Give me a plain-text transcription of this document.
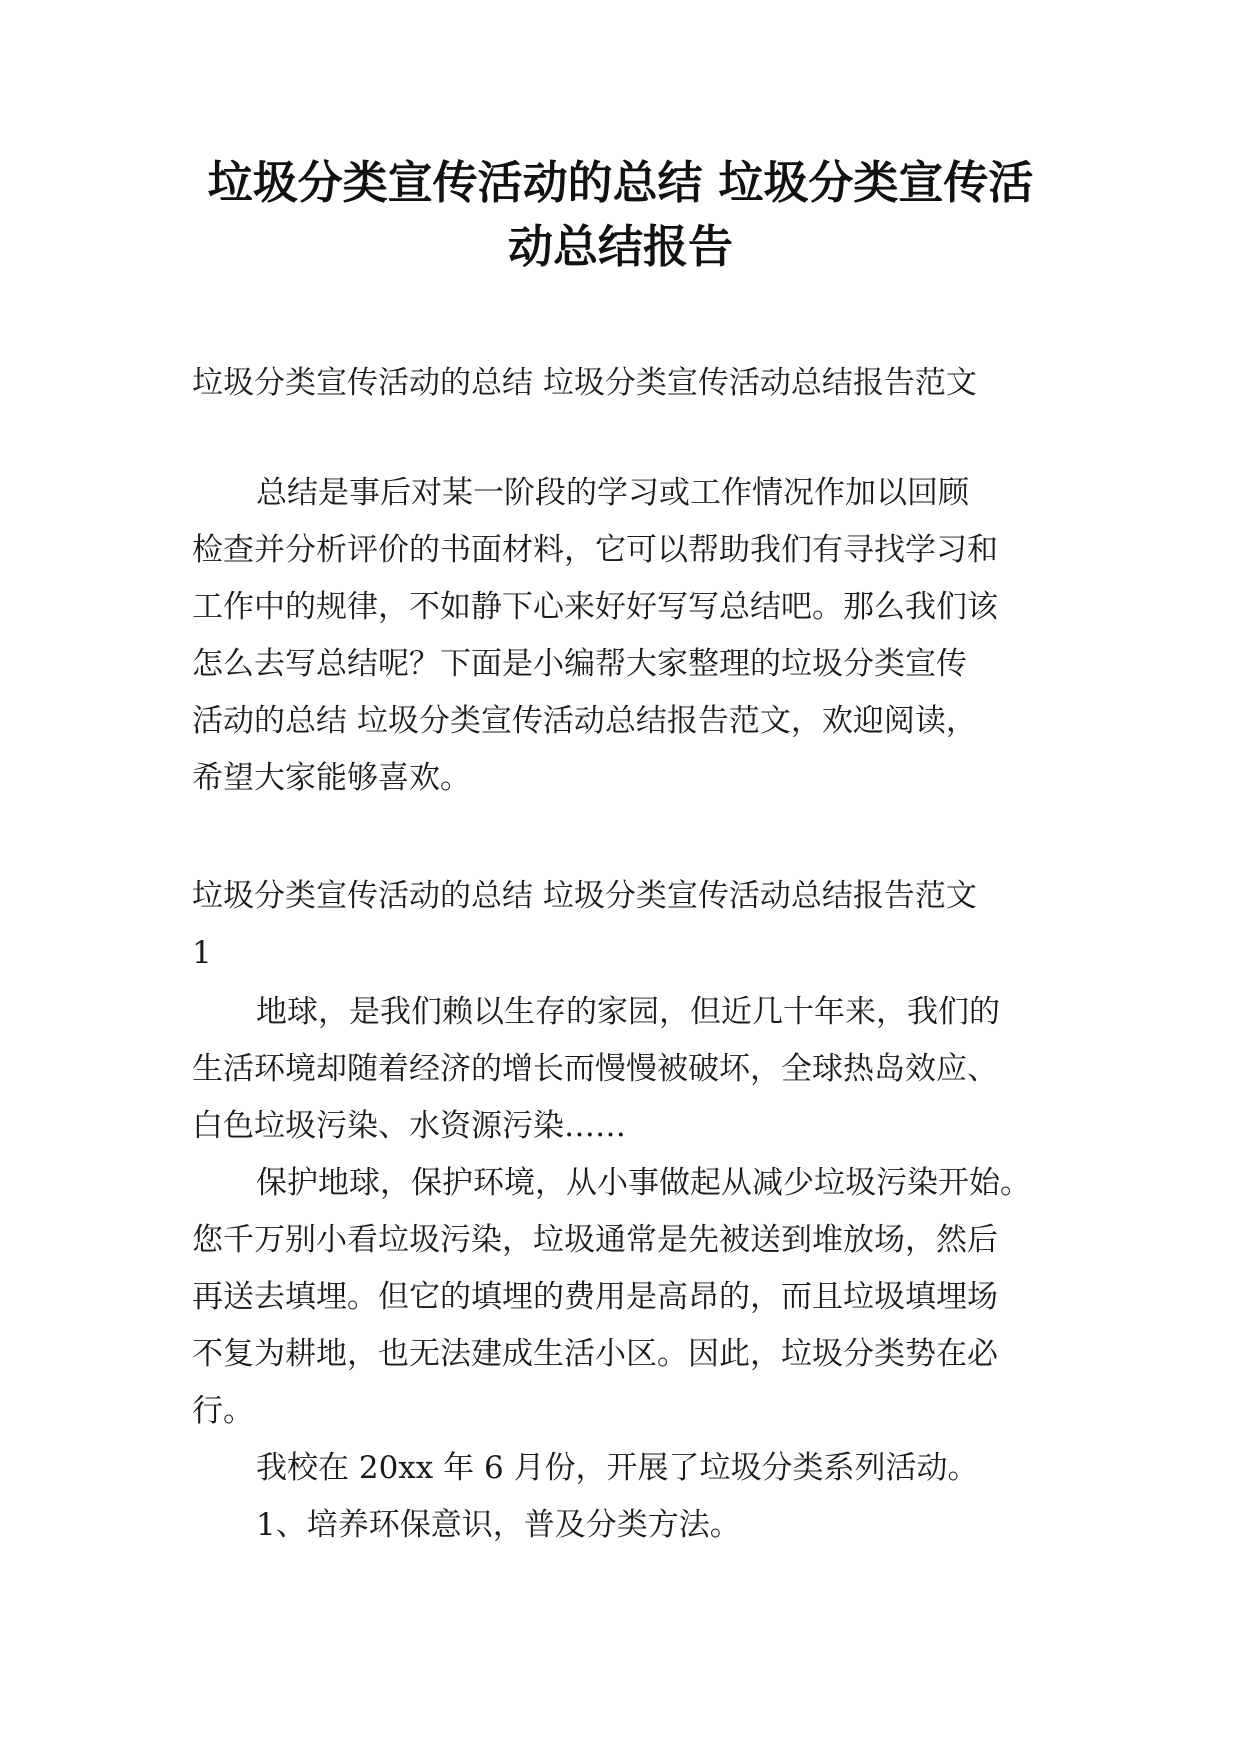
垃圾分类宣传活动的总结 垃圾分类宣传活
动总结报告
垃圾分类宣传活动的总结 垃圾分类宣传活动总结报告范文
总结是事后对某一阶段的学习或工作情况作加以回顾
检查并分析评价的书面材料，它可以帮助我们有寻找学习和
工作中的规律，不如静下心来好好写写总结吧。那么我们该
怎么去写总结呢？下面是小编帮大家整理的垃圾分类宣传
活动的总结 垃圾分类宣传活动总结报告范文，欢迎阅读，
希望大家能够喜欢。
垃圾分类宣传活动的总结 垃圾分类宣传活动总结报告范文
1
地球，是我们赖以生存的家园，但近几十年来，我们的
生活环境却随着经济的增长而慢慢被破坏，全球热岛效应、
白色垃圾污染、水资源污染……
保护地球，保护环境，从小事做起从减少垃圾污染开始。
您千万别小看垃圾污染，垃圾通常是先被送到堆放场，然后
再送去填埋。但它的填埋的费用是高昂的，而且垃圾填埋场
不复为耕地，也无法建成生活小区。因此，垃圾分类势在必
行。
我校在 20xx 年 6 月份，开展了垃圾分类系列活动。
1、培养环保意识，普及分类方法。
